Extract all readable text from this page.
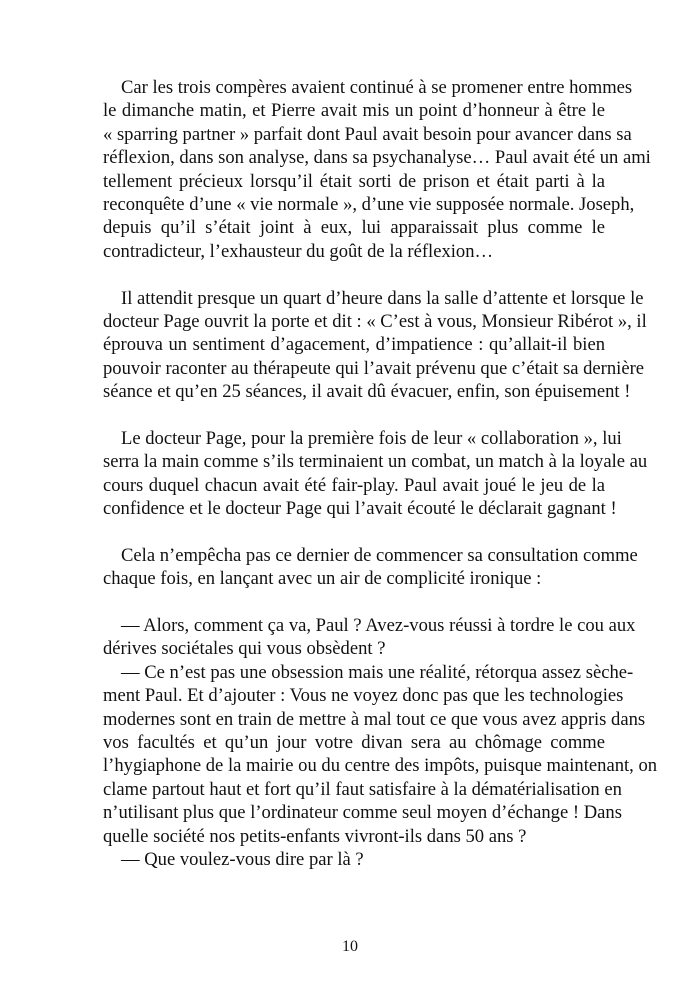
Car les trois compères avaient continué à se promener entre hommes
le dimanche matin, et Pierre avait mis un point d’honneur à être le
« sparring partner » parfait dont Paul avait besoin pour avancer dans sa
réflexion, dans son analyse, dans sa psychanalyse… Paul avait été un ami
tellement précieux lorsqu’il était sorti de prison et était parti à la
reconquête d’une « vie normale », d’une vie supposée normale. Joseph,
depuis qu’il s’était joint à eux, lui apparaissait plus comme le
contradicteur, l’exhausteur du goût de la réflexion…
Il attendit presque un quart d’heure dans la salle d’attente et lorsque le
docteur Page ouvrit la porte et dit : « C’est à vous, Monsieur Ribérot », il
éprouva un sentiment d’agacement, d’impatience : qu’allait-il bien
pouvoir raconter au thérapeute qui l’avait prévenu que c’était sa dernière
séance et qu’en 25 séances, il avait dû évacuer, enfin, son épuisement !
Le docteur Page, pour la première fois de leur « collaboration », lui
serra la main comme s’ils terminaient un combat, un match à la loyale au
cours duquel chacun avait été fair-play. Paul avait joué le jeu de la
confidence et le docteur Page qui l’avait écouté le déclarait gagnant !
Cela n’empêcha pas ce dernier de commencer sa consultation comme
chaque fois, en lançant avec un air de complicité ironique :
— Alors, comment ça va, Paul ? Avez-vous réussi à tordre le cou aux
dérives sociétales qui vous obsèdent ?
— Ce n’est pas une obsession mais une réalité, rétorqua assez sèche-
ment Paul. Et d’ajouter : Vous ne voyez donc pas que les technologies
modernes sont en train de mettre à mal tout ce que vous avez appris dans
vos facultés et qu’un jour votre divan sera au chômage comme
l’hygiaphone de la mairie ou du centre des impôts, puisque maintenant, on
clame partout haut et fort qu’il faut satisfaire à la dématérialisation en
n’utilisant plus que l’ordinateur comme seul moyen d’échange ! Dans
quelle société nos petits-enfants vivront-ils dans 50 ans ?
— Que voulez-vous dire par là ?
10
